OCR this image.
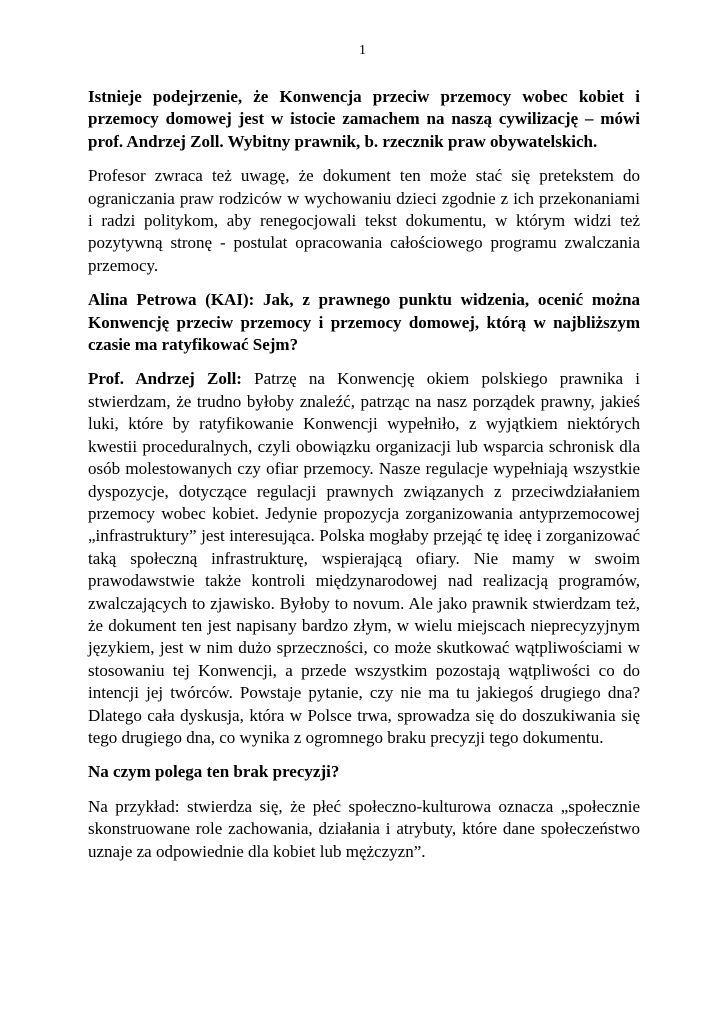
1

Istnieje podejrzenie, że Konwencja przeciw przemocy wobec kobiet i przemocy domowej jest w istocie zamachem na naszą cywilizację – mówi prof. Andrzej Zoll. Wybitny prawnik, b. rzecznik praw obywatelskich.

Profesor zwraca też uwagę, że dokument ten może stać się pretekstem do ograniczania praw rodziców w wychowaniu dzieci zgodnie z ich przekonaniami i radzi politykom, aby renegocjowali tekst dokumentu, w którym widzi też pozytywną stronę - postulat opracowania całościowego programu zwalczania przemocy.

Alina Petrowa (KAI): Jak, z prawnego punktu widzenia, ocenić można Konwencję przeciw przemocy i przemocy domowej, którą w najbliższym czasie ma ratyfikować Sejm?

Prof. Andrzej Zoll: Patrzę na Konwencję okiem polskiego prawnika i stwierdzam, że trudno byłoby znaleźć, patrząc na nasz porządek prawny, jakieś luki, które by ratyfikowanie Konwencji wypełniło, z wyjątkiem niektórych kwestii proceduralnych, czyli obowiązku organizacji lub wsparcia schronisk dla osób molestowanych czy ofiar przemocy. Nasze regulacje wypełniają wszystkie dyspozycje, dotyczące regulacji prawnych związanych z przeciwdziałaniem przemocy wobec kobiet. Jedynie propozycja zorganizowania antyprzemocowej „infrastruktury” jest interesująca. Polska mogłaby przejąć tę ideę i zorganizować taką społeczną infrastrukturę, wspierającą ofiary. Nie mamy w swoim prawodawstwie także kontroli międzynarodowej nad realizacją programów, zwalczających to zjawisko. Byłoby to novum. Ale jako prawnik stwierdzam też, że dokument ten jest napisany bardzo złym, w wielu miejscach nieprecyzyjnym językiem, jest w nim dużo sprzeczności, co może skutkować wątpliwościami w stosowaniu tej Konwencji, a przede wszystkim pozostają wątpliwości co do intencji jej twórców. Powstaje pytanie, czy nie ma tu jakiegoś drugiego dna? Dlatego cała dyskusja, która w Polsce trwa, sprowadza się do doszukiwania się tego drugiego dna, co wynika z ogromnego braku precyzji tego dokumentu.

Na czym polega ten brak precyzji?

Na przykład: stwierdza się, że płeć społeczno-kulturowa oznacza „społecznie skonstruowane role zachowania, działania i atrybuty, które dane społeczeństwo uznaje za odpowiednie dla kobiet lub mężczyzn”.
